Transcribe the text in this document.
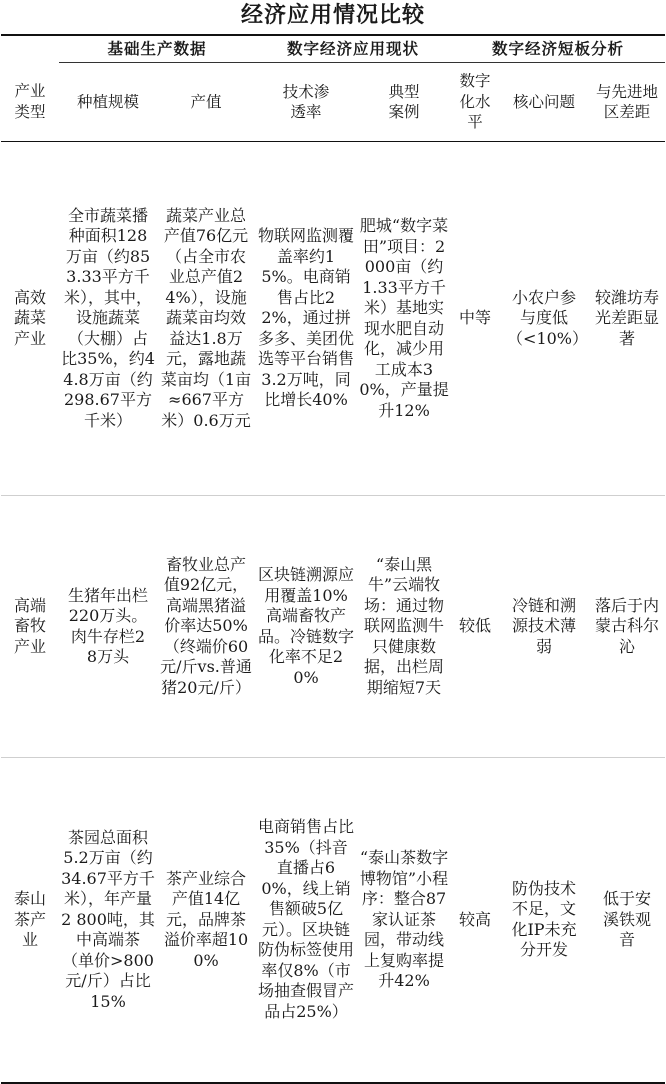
经济应用情况比较
	基础生产数据		数字经济应用现状		数字经济短板分析		
产业类型	种植规模	产值	技术渗透率	典型案例	数字化水平	核心问题	与先进地区差距
高效蔬菜产业	全市蔬菜播种面积128万亩（约853.33平方千米），其中，设施蔬菜（大棚）占比35%，约44.8万亩（约298.67平方千米）	蔬菜产业总产值76亿元（占全市农业总产值24%），设施蔬菜亩均效益达1.8万元，露地蔬菜亩均（1亩≈667平方米）0.6万元	物联网监测覆盖率约15%。电商销售占比22%，通过拼多多、美团优选等平台销售3.2万吨，同比增长40%	肥城“数字菜田”项目：2 000亩（约1.33平方千米）基地实现水肥自动化，减少用工成本30%，产量提升12%	中等	小农户参与度低（<10%）	较潍坊寿光差距显著
高端畜牧产业	生猪年出栏220万头。肉牛存栏28万头	畜牧业总产值92亿元，高端黑猪溢价率达50%（终端价60元/斤vs.普通猪20元/斤）	区块链溯源应用覆盖10%高端畜牧产品。冷链数字化率不足20%	“泰山黑牛”云端牧场：通过物联网监测牛只健康数据，出栏周期缩短7天	较低	冷链和溯源技术薄弱	落后于内蒙古科尔沁
泰山茶产业	茶园总面积5.2万亩（约34.67平方千米），年产量2 800吨，其中高端茶（单价>800元/斤）占比15%	茶产业综合产值14亿元，品牌茶溢价率超100%	电商销售占比35%（抖音直播占60%，线上销售额破5亿元）。区块链防伪标签使用率仅8%（市场抽查假冒产品占25%）	“泰山茶数字博物馆”小程序：整合87家认证茶园，带动线上复购率提升42%	较高	防伪技术不足，文化IP未充分开发	低于安溪铁观音
